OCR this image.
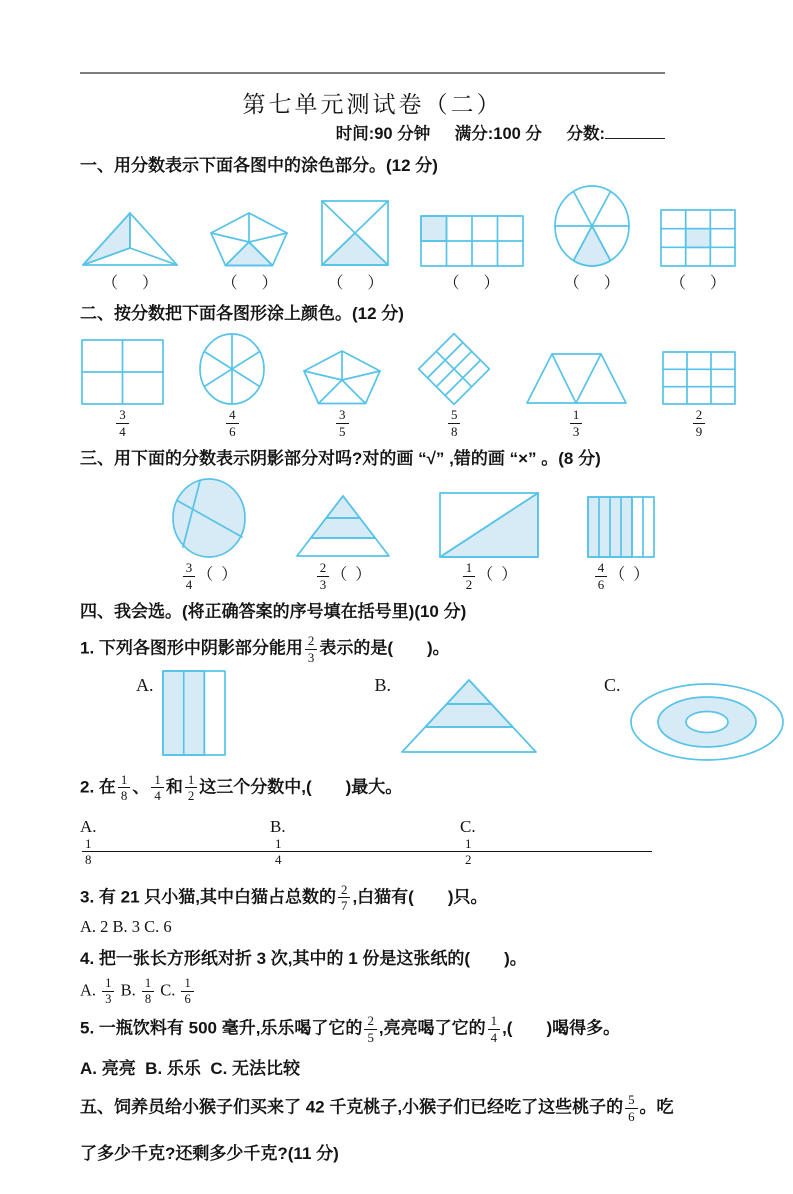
第七单元测试卷（二）
时间:90 分钟 满分:100 分 分数:

一、用分数表示下面各图中的涂色部分。(12 分)

（      ）	（      ）	（      ）	（      ）	（      ）	（      ）

二、按分数把下面各图形涂上颜色。(12 分)

$\frac{3}{4}$	$\frac{4}{6}$	$\frac{3}{5}$	$\frac{5}{8}$	$\frac{1}{3}$	$\frac{2}{9}$

三、用下面的分数表示阴影部分对吗?对的画 “√” ,错的画 “×” 。(8 分)

$\frac{3}{4}$ （  ）	$\frac{2}{3}$ （  ）	$\frac{1}{2}$ （  ）	$\frac{4}{6}$ （  ）

四、我会选。(将正确答案的序号填在括号里)(10 分)

1. 下列各图形中阴影部分能用 $\frac{2}{3}$ 表示的是(　　)。

A.	B.	C.

2. 在 $\frac{1}{8}$ 、 $\frac{1}{4}$ 和 $\frac{1}{2}$ 这三个分数中,(　　)最大。

A.
$\frac{1}{8}$
B.
$\frac{1}{4}$
C.
$\frac{1}{2}$

3. 有 21 只小猫,其中白猫占总数的 $\frac{2}{7}$ ,白猫有(　　)只。

A. 2 B. 3 C. 6

4. 把一张长方形纸对折 3 次,其中的 1 份是这张纸的(　　)。

A. $\frac{1}{3} B$. $\frac{1}{8} C$. $\frac{1}{6}$

5. 一瓶饮料有 500 毫升,乐乐喝了它的 $\frac{2}{5}$ ,亮亮喝了它的 $\frac{1}{4}$ ,(　　)喝得多。

A. 亮亮  B. 乐乐  C. 无法比较

五、饲养员给小猴子们买来了 42 千克桃子,小猴子们已经吃了这些桃子的 $\frac{5}{6}$ 。吃

了多少千克?还剩多少千克?(11 分)
